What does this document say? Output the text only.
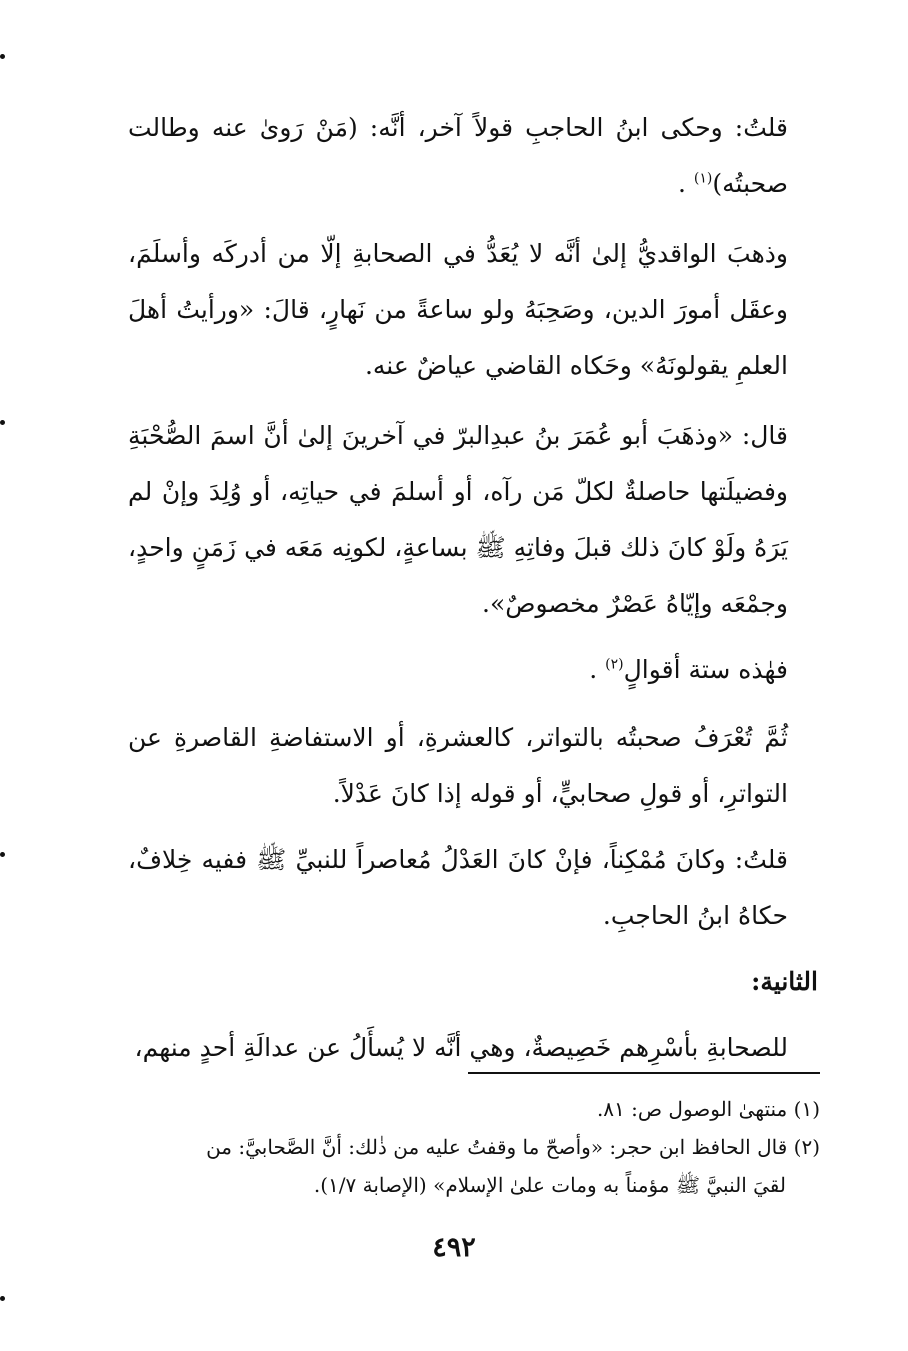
قلتُ: وحكى ابنُ الحاجبِ قولاً آخر، أنَّه: (مَنْ رَوىٰ عنه وطالت صحبتُه)$^{(١)}$ .

وذهبَ الواقديُّ إلىٰ أنَّه لا يُعَدُّ في الصحابةِ إلّا من أدركَه وأسلَمَ، وعقَل أمورَ الدين، وصَحِبَهُ ولو ساعةً من نَهارٍ، قالَ: «ورأيتُ أهلَ العلمِ يقولونَهُ» وحَكاه القاضي عياضٌ عنه.

قال: «وذهَبَ أبو عُمَرَ بنُ عبدِالبرّ في آخرينَ إلىٰ أنَّ اسمَ الصُّحْبَةِ وفضيلَتها حاصلةٌ لكلّ مَن رآه، أو أسلمَ في حياتِه، أو وُلِدَ وإنْ لم يَرَهُ ولَوْ كانَ ذلك قبلَ وفاتِهِ ﷺ بساعةٍ، لكونِه مَعَه في زَمَنٍ واحدٍ، وجمْعَه وإيّاهُ عَصْرٌ مخصوصٌ».

فهٰذه ستة أقوالٍ$^{(٢)}$ .

ثُمَّ تُعْرَفُ صحبتُه بالتواتر، كالعشرةِ، أو الاستفاضةِ القاصرةِ عن التواترِ، أو قولِ صحابيٍّ، أو قوله إذا كانَ عَدْلاً.

قلتُ: وكانَ مُمْكِناً، فإنْ كانَ العَدْلُ مُعاصراً للنبيِّ ﷺ ففيه خِلافٌ، حكاهُ ابنُ الحاجبِ.

الثانية:

للصحابةِ بأسْرِهم خَصِيصةٌ، وهي أنَّه لا يُسأَلُ عن عدالَةِ أحدٍ منهم،

(١) منتهىٰ الوصول ص: ٨١.

(٢) قال الحافظ ابن حجر: «وأصحّ ما وقفتُ عليه من ذٰلك: أنَّ الصَّحابيَّ: من

لقيَ النبيَّ ﷺ مؤمناً به ومات علىٰ الإسلام» (الإصابة ١/٧).

٤٩٢
